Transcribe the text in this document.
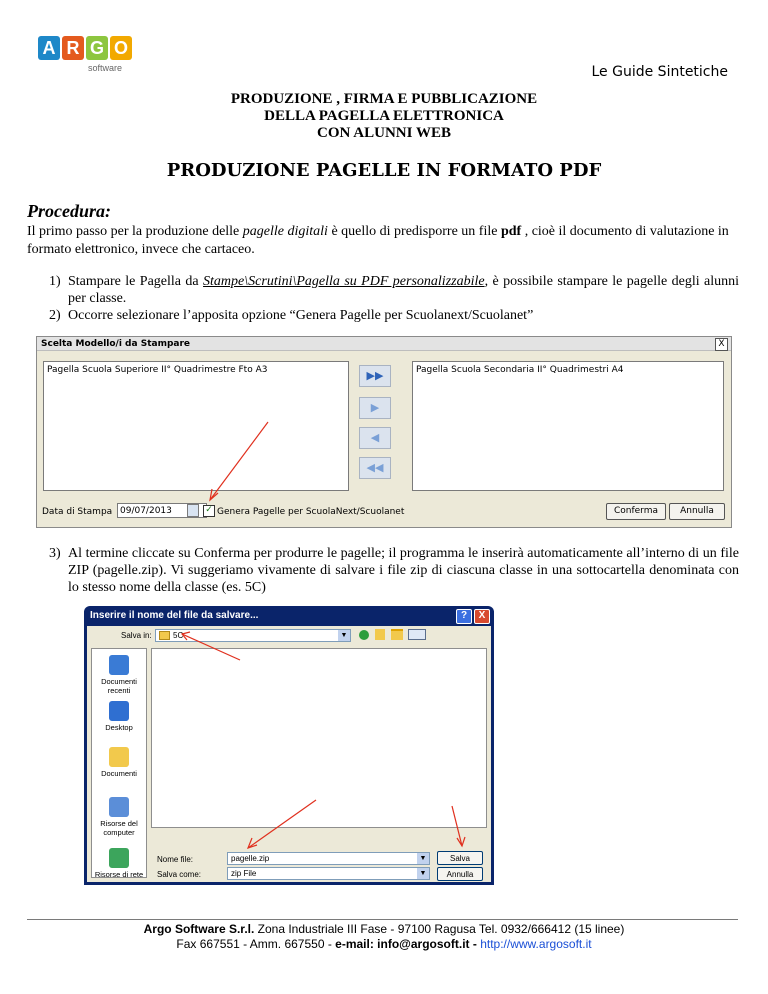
A R G O
software	Le Guide Sintetiche
PRODUZIONE , FIRMA E PUBBLICAZIONE
DELLA PAGELLA ELETTRONICA
CON ALUNNI WEB
PRODUZIONE PAGELLE IN FORMATO PDF
Procedura:
Il primo passo per la produzione delle pagelle digitali è quello di predisporre un file pdf , cioè il documento di valutazione in formato elettronico, invece che cartaceo.
1) Stampare le Pagella da Stampe\Scrutini\Pagella su PDF personalizzabile, è possibile stampare le pagelle degli alunni per classe.
2) Occorre selezionare l’apposita opzione “Genera Pagelle per Scuolanext/Scuolanet”
Scelta Modello/i da Stampare	X
Pagella Scuola Superiore II° Quadrimestre Fto A3	▶▶
▶
◀
◀◀
Pagella Scuola Secondaria II° Quadrimestri A4
Data di Stampa 09/07/2013	✓ Genera Pagelle per ScuolaNext/Scuolanet	Conferma	Annulla
3) Al termine cliccate su Conferma per produrre le pagelle; il programma le inserirà automaticamente all’interno di un file ZIP (pagelle.zip). Vi suggeriamo vivamente di salvare i file zip di ciascuna classe in una sottocartella denominata con lo stesso nome della classe (es. 5C)
Inserire il nome del file da salvare...	?	X
Salva in:	5C	▼
Documenti
recenti
Desktop
Documenti
Risorse del
computer
Risorse di rete
Nome file:	pagelle.zip	▼
Salva come:	zip File	▼
Salva
Annulla
Argo Software S.r.l. Zona Industriale III Fase - 97100 Ragusa Tel. 0932/666412 (15 linee)
Fax 667551 - Amm. 667550 - e-mail: info@argosoft.it - http://www.argosoft.it
